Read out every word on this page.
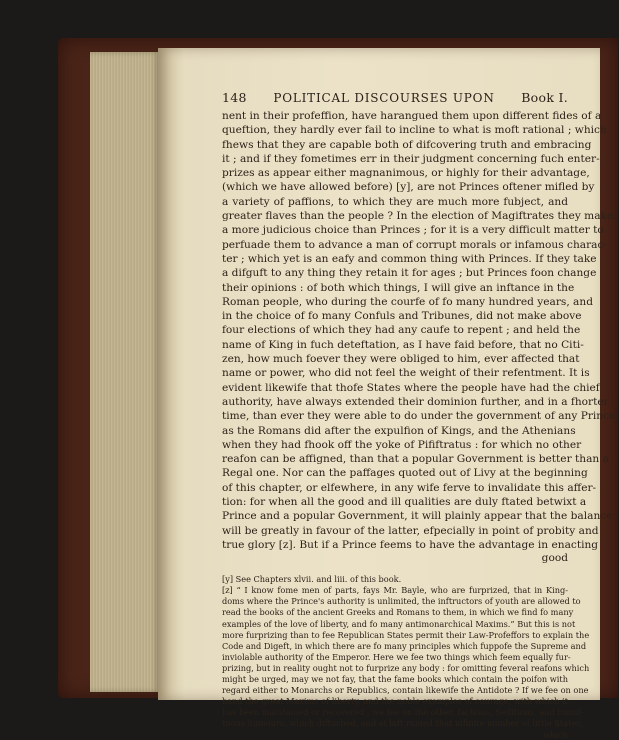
148 POLITICAL DISCOURSES UPON Book I.
nent in their profeffion, have harangued them upon different fides of a
queftion, they hardly ever fail to incline to what is moft rational ; which
fhews that they are capable both of difcovering truth and embracing
it ; and if they fometimes err in their judgment concerning fuch enter-
prizes as appear either magnanimous, or highly for their advantage,
(which we have allowed before) [y], are not Princes oftener mifled by
a variety of paffions, to which they are much more fubject, and
greater flaves than the people ? In the election of Magiftrates they make
a more judicious choice than Princes ; for it is a very difficult matter to
perfuade them to advance a man of corrupt morals or infamous charac-
ter ; which yet is an eafy and common thing with Princes. If they take
a difguft to any thing they retain it for ages ; but Princes foon change
their opinions : of both which things, I will give an inftance in the
Roman people, who during the courfe of fo many hundred years, and
in the choice of fo many Confuls and Tribunes, did not make above
four elections of which they had any caufe to repent ; and held the
name of King in fuch deteftation, as I have faid before, that no Citi-
zen, how much foever they were obliged to him, ever affected that
name or power, who did not feel the weight of their refentment. It is
evident likewife that thofe States where the people have had the chief
authority, have always extended their dominion further, and in a fhorter
time, than ever they were able to do under the government of any Prince;
as the Romans did after the expulfion of Kings, and the Athenians
when they had fhook off the yoke of Pififtratus : for which no other
reafon can be affigned, than that a popular Government is better than a
Regal one. Nor can the paffages quoted out of Livy at the beginning
of this chapter, or elfewhere, in any wife ferve to invalidate this affer-
tion: for when all the good and ill qualities are duly ftated betwixt a
Prince and a popular Government, it will plainly appear that the balance
will be greatly in favour of the latter, efpecially in point of probity and
true glory [z]. But if a Prince feems to have the advantage in enacting
good
[y] See Chapters xlvii. and liii. of this book.
[z] “ I know fome men of parts, fays Mr. Bayle, who are furprized, that in King-
doms where the Prince's authority is unlimited, the inftructors of youth are allowed to
read the books of the ancient Greeks and Romans to them, in which we find fo many
examples of the love of liberty, and fo many antimonarchical Maxims.” But this is not
more furprizing than to fee Republican States permit their Law-Profeffors to explain the
Code and Digeft, in which there are fo many principles which fuppofe the Supreme and
inviolable authority of the Emperor. Here we fee two things which feem equally fur-
prizing, but in reality ought not to furprize any body : for omitting feveral reafons which
might be urged, may we not fay, that the fame books which contain the poifon with
regard either to Monarchs or Republics, contain likewife the Antidote ? If we fee on one
hand the great Maxims of liberty, and the noble examples of courage, with which it
has been maintained or recovered ; we fee on the other, factions, Seditions, and tumul-
tuous humours, which difturbed, and at laft ruined that infinite number of little States,
which
